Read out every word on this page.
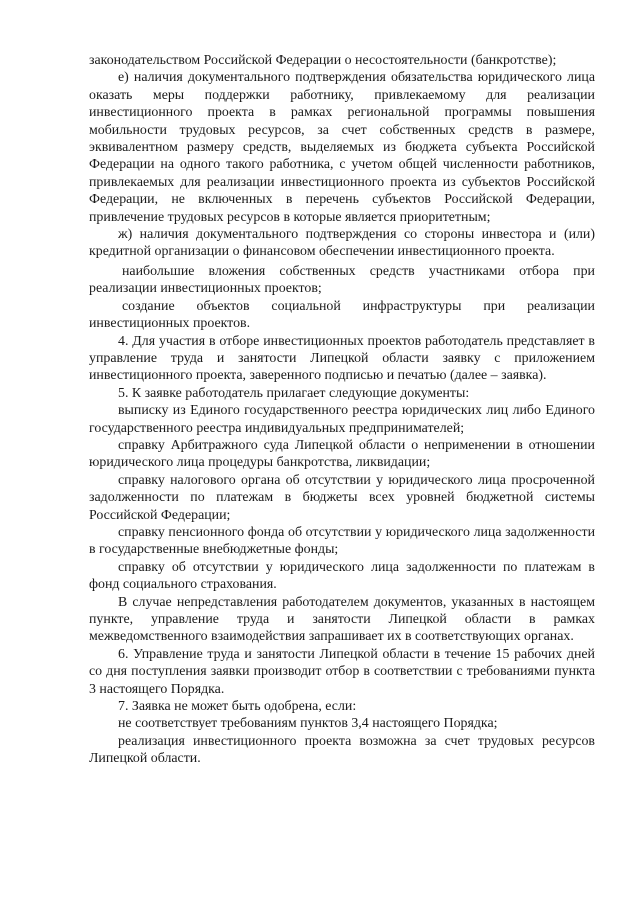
законодательством Российской Федерации о несостоятельности (банкротстве);

е) наличия документального подтверждения обязательства юридического лица оказать меры поддержки работнику, привлекаемому для реализации инвестиционного проекта в рамках региональной программы повышения мобильности трудовых ресурсов, за счет собственных средств в размере, эквивалентном размеру средств, выделяемых из бюджета субъекта Российской Федерации на одного такого работника, с учетом общей численности работников, привлекаемых для реализации инвестиционного проекта из субъектов Российской Федерации, не включенных в перечень субъектов Российской Федерации, привлечение трудовых ресурсов в которые является приоритетным;

ж) наличия документального подтверждения со стороны инвестора и (или) кредитной организации о финансовом обеспечении инвестиционного проекта.

наибольшие вложения собственных средств участниками отбора при реализации инвестиционных проектов;

создание объектов социальной инфраструктуры при реализации инвестиционных проектов.

4. Для участия в отборе инвестиционных проектов работодатель представляет в управление труда и занятости Липецкой области заявку с приложением инвестиционного проекта, заверенного подписью и печатью (далее – заявка).

5. К заявке работодатель прилагает следующие документы:

выписку из Единого государственного реестра юридических лиц либо Единого государственного реестра индивидуальных предпринимателей;

справку Арбитражного суда Липецкой области о неприменении в отношении юридического лица процедуры банкротства, ликвидации;

справку налогового органа об отсутствии у юридического лица просроченной задолженности по платежам в бюджеты всех уровней бюджетной системы Российской Федерации;

справку пенсионного фонда об отсутствии у юридического лица задолженности в государственные внебюджетные фонды;

справку об отсутствии у юридического лица задолженности по платежам в фонд социального страхования.

В случае непредставления работодателем документов, указанных в настоящем пункте, управление труда и занятости Липецкой области в рамках межведомственного взаимодействия запрашивает их в соответствующих органах.

6. Управление труда и занятости Липецкой области в течение 15 рабочих дней со дня поступления заявки производит отбор в соответствии с требованиями пункта 3 настоящего Порядка.

7. Заявка не может быть одобрена, если:

не соответствует требованиям пунктов 3,4 настоящего Порядка;

реализация инвестиционного проекта возможна за счет трудовых ресурсов Липецкой области.
